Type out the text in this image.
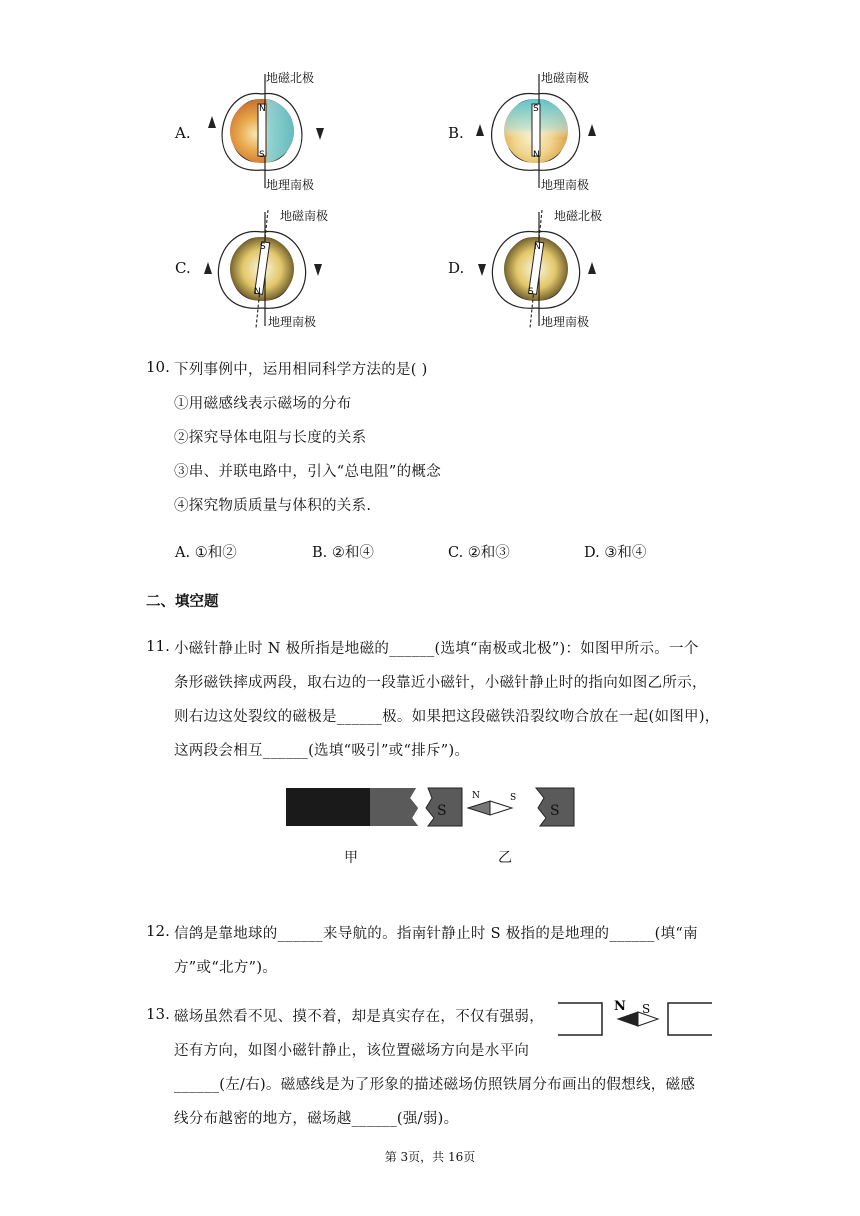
A.
N
S
地磁北极
地理南极
B.
S
N
地磁南极
地理南极
C.
S
N
地磁南极
地理南极
D.
N
S
地磁北极
地理南极
10. 下列事例中，运用相同科学方法的是( )
①用磁感线表示磁场的分布
②探究导体电阻与长度的关系
③串、并联电路中，引入“总电阻”的概念
④探究物质质量与体积的关系.
A. ①和②	B. ②和④	C. ②和③	D. ③和④
二、填空题
11. 小磁针静止时 N 极所指是地磁的______(选填“南极或北极”)：如图甲所示。一个
条形磁铁摔成两段，取右边的一段靠近小磁针，小磁针静止时的指向如图乙所示，
则右边这处裂纹的磁极是______极。如果把这段磁铁沿裂纹吻合放在一起(如图甲)，
这两段会相互______(选填“吸引”或“排斥”)。
S
N	S
S
甲	乙
12. 信鸽是靠地球的______来导航的。指南针静止时 S 极指的是地理的______(填“南
方”或“北方”)。
13. 磁场虽然看不见、摸不着，却是真实存在，不仅有强弱，
还有方向，如图小磁针静止，该位置磁场方向是水平向
______(左/右)。磁感线是为了形象的描述磁场仿照铁屑分布画出的假想线，磁感
线分布越密的地方，磁场越______(强/弱)。
N S
第 3页，共 16页
